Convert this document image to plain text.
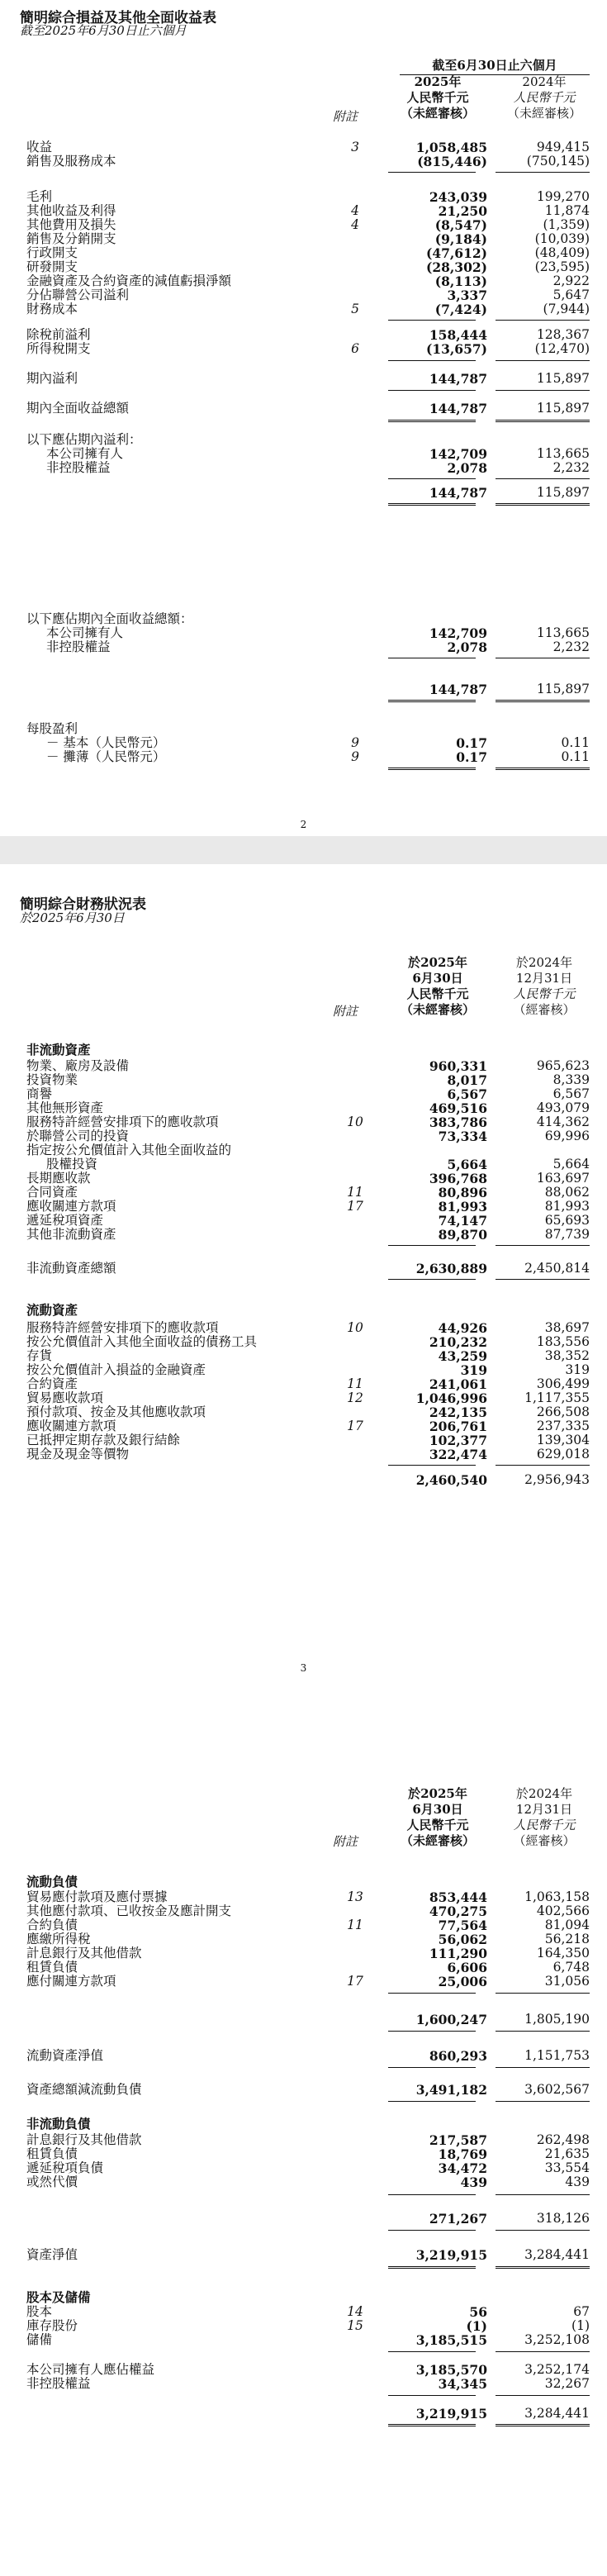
簡明綜合損益及其他全面收益表
截至2025年6月30日止六個月
截至6月30日止六個月
2025年
人民幣千元
（未經審核）
2024年
人民幣千元
（未經審核）
附註
收益	3	1,058,485	949,415
銷售及服務成本	(815,446)	(750,145)
毛利	243,039	199,270
其他收益及利得	4	21,250	11,874
其他費用及損失	4	(8,547)	(1,359)
銷售及分銷開支	(9,184)	(10,039)
行政開支	(47,612)	(48,409)
研發開支	(28,302)	(23,595)
金融資產及合約資產的減值虧損淨額	(8,113)	2,922
分佔聯營公司溢利	3,337	5,647
財務成本	5	(7,424)	(7,944)
除稅前溢利	158,444	128,367
所得稅開支	6	(13,657)	(12,470)
期內溢利	144,787	115,897
期內全面收益總額	144,787	115,897
以下應佔期內溢利：
本公司擁有人	142,709	113,665
非控股權益	2,078	2,232
144,787	115,897
以下應佔期內全面收益總額：
本公司擁有人	142,709	113,665
非控股權益	2,078	2,232
144,787	115,897
每股盈利
－ 基本（人民幣元）	9	0.17	0.11
－ 攤薄（人民幣元）	9	0.17	0.11
2
簡明綜合財務狀況表
於2025年6月30日
於2025年
6月30日
人民幣千元
（未經審核）
於2024年
12月31日
人民幣千元
（經審核）
附註
非流動資產
物業、廠房及設備	960,331	965,623
投資物業	8,017	8,339
商譽	6,567	6,567
其他無形資產	469,516	493,079
服務特許經營安排項下的應收款項	10	383,786	414,362
於聯營公司的投資	73,334	69,996
指定按公允價值計入其他全面收益的
股權投資	5,664	5,664
長期應收款	396,768	163,697
合同資產	11	80,896	88,062
應收關連方款項	17	81,993	81,993
遞延稅項資產	74,147	65,693
其他非流動資產	89,870	87,739
非流動資產總額	2,630,889	2,450,814
流動資產
服務特許經營安排項下的應收款項	10	44,926	38,697
按公允價值計入其他全面收益的債務工具	210,232	183,556
存貨	43,259	38,352
按公允價值計入損益的金融資產	319	319
合約資產	11	241,061	306,499
貿易應收款項	12	1,046,996	1,117,355
預付款項、按金及其他應收款項	242,135	266,508
應收關連方款項	17	206,761	237,335
已抵押定期存款及銀行結餘	102,377	139,304
現金及現金等價物	322,474	629,018
2,460,540	2,956,943
3
於2025年
6月30日
人民幣千元
（未經審核）
於2024年
12月31日
人民幣千元
（經審核）
附註
流動負債
貿易應付款項及應付票據	13	853,444	1,063,158
其他應付款項、已收按金及應計開支	470,275	402,566
合約負債	11	77,564	81,094
應繳所得稅	56,062	56,218
計息銀行及其他借款	111,290	164,350
租賃負債	6,606	6,748
應付關連方款項	17	25,006	31,056
1,600,247	1,805,190
流動資產淨值	860,293	1,151,753
資產總額減流動負債	3,491,182	3,602,567
非流動負債
計息銀行及其他借款	217,587	262,498
租賃負債	18,769	21,635
遞延稅項負債	34,472	33,554
或然代價	439	439
271,267	318,126
資產淨值	3,219,915	3,284,441
股本及儲備
股本	14	56	67
庫存股份	15	(1)	(1)
儲備	3,185,515	3,252,108
本公司擁有人應佔權益	3,185,570	3,252,174
非控股權益	34,345	32,267
3,219,915	3,284,441
